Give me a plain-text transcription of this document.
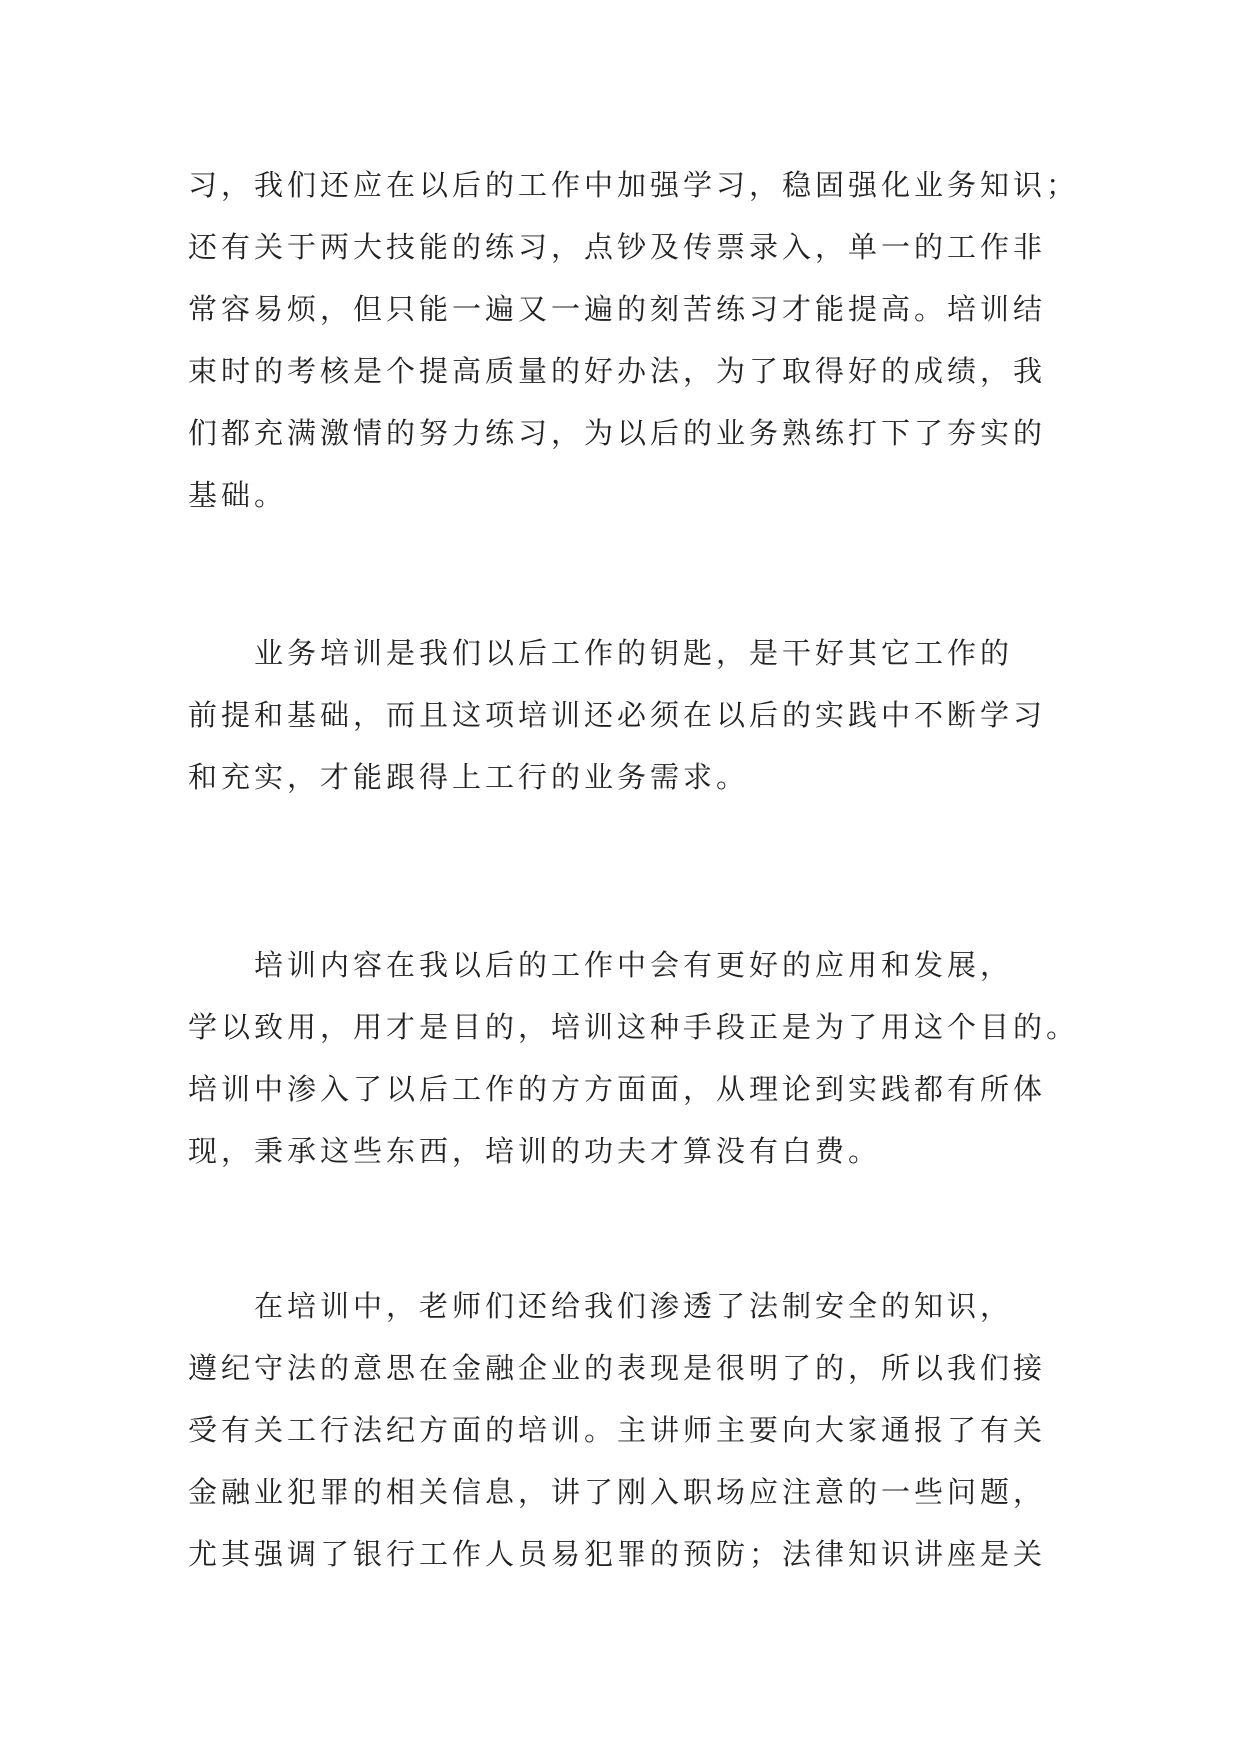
习，我们还应在以后的工作中加强学习，稳固强化业务知识；
还有关于两大技能的练习，点钞及传票录入，单一的工作非
常容易烦，但只能一遍又一遍的刻苦练习才能提高。培训结
束时的考核是个提高质量的好办法，为了取得好的成绩，我
们都充满激情的努力练习，为以后的业务熟练打下了夯实的
基础。
　　业务培训是我们以后工作的钥匙，是干好其它工作的
前提和基础，而且这项培训还必须在以后的实践中不断学习
和充实，才能跟得上工行的业务需求。
　　培训内容在我以后的工作中会有更好的应用和发展，
学以致用，用才是目的，培训这种手段正是为了用这个目的。
培训中渗入了以后工作的方方面面，从理论到实践都有所体
现，秉承这些东西，培训的功夫才算没有白费。
　　在培训中，老师们还给我们渗透了法制安全的知识，
遵纪守法的意思在金融企业的表现是很明了的，所以我们接
受有关工行法纪方面的培训。主讲师主要向大家通报了有关
金融业犯罪的相关信息，讲了刚入职场应注意的一些问题，
尤其强调了银行工作人员易犯罪的预防；法律知识讲座是关
